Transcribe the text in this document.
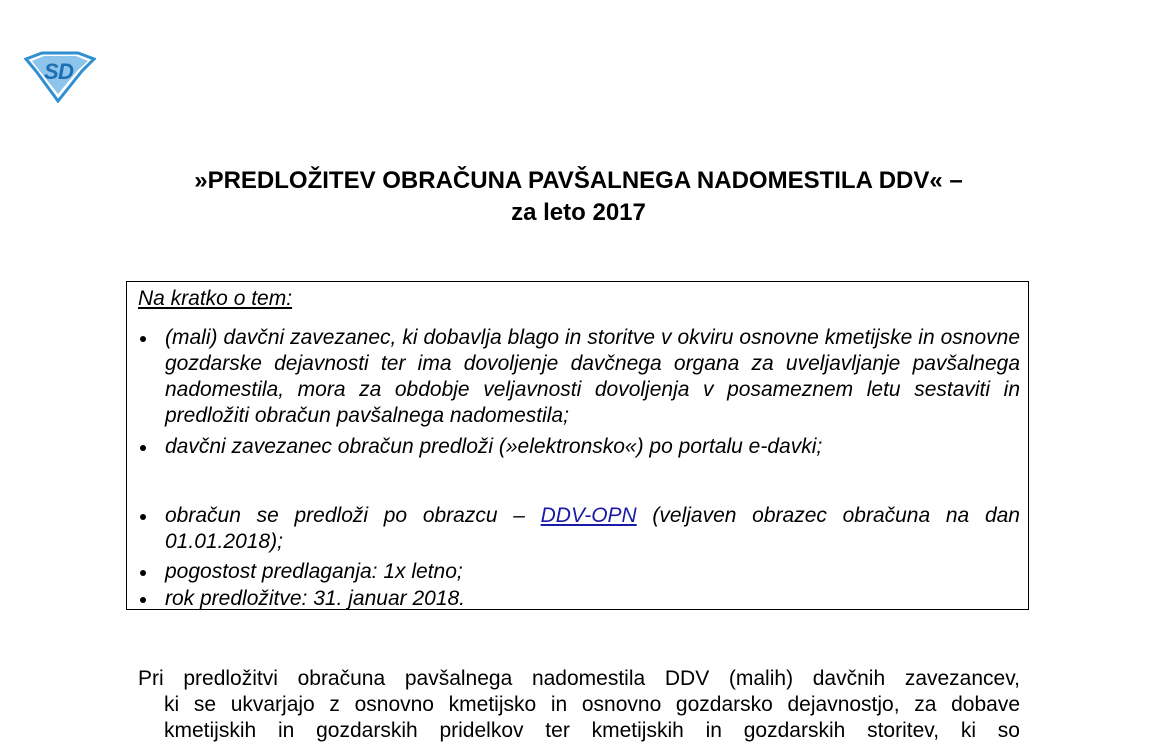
S D
»PREDLOŽITEV OBRAČUNA PAVŠALNEGA NADOMESTILA DDV« –
za leto 2017
Na kratko o tem:
(mali) davčni zavezanec, ki dobavlja blago in storitve v okviru osnovne kmetijske in osnovne gozdarske dejavnosti ter ima dovoljenje davčnega organa za uveljavljanje pavšalnega nadomestila, mora za obdobje veljavnosti dovoljenja v posameznem letu sestaviti in predložiti obračun pavšalnega nadomestila;
davčni zavezanec obračun predloži (»elektronsko«) po portalu e-davki;
obračun se predloži po obrazcu – DDV-OPN (veljaven obrazec obračuna na dan 01.01.2018);
pogostost predlaganja: 1x letno;
rok predložitve: 31. januar 2018.
Pri predložitvi obračuna pavšalnega nadomestila DDV (malih) davčnih zavezancev,
ki se ukvarjajo z osnovno kmetijsko in osnovno gozdarsko dejavnostjo, za dobave
kmetijskih in gozdarskih pridelkov ter kmetijskih in gozdarskih storitev, ki so
